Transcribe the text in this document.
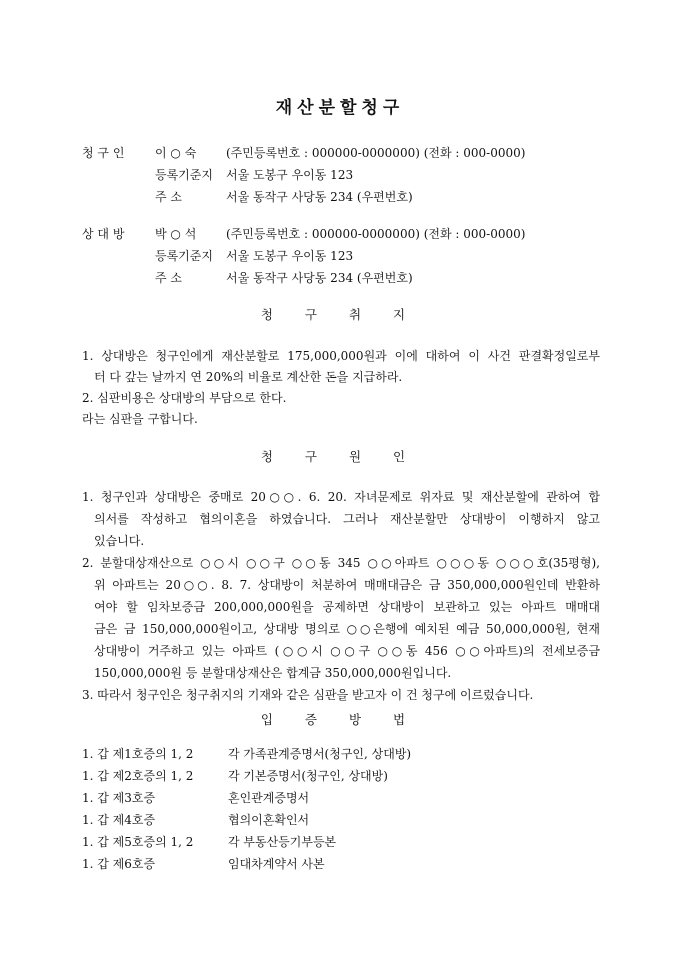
재산분할청구
청 구 인	이 ○ 숙 (주민등록번호 : 000000-0000000) (전화 : 000-0000)
등록기준지 서울 도봉구 우이동 123
주 소	서울 동작구 사당동 234 (우편번호)
상 대 방	박 ○ 석 (주민등록번호 : 000000-0000000) (전화 : 000-0000)
등록기준지 서울 도봉구 우이동 123
주 소	서울 동작구 사당동 234 (우편번호)
청 구 취 지
1. 상대방은 청구인에게 재산분할로 175,000,000원과 이에 대하여 이 사건 판결확정일로부
터 다 갚는 날까지 연 20%의 비율로 계산한 돈을 지급하라.
2. 심판비용은 상대방의 부담으로 한다.
라는 심판을 구합니다.
청 구 원 인
1. 청구인과 상대방은 중매로 20○○. 6. 20. 자녀문제로 위자료 및 재산분할에 관하여 합
의서를 작성하고 협의이혼을 하였습니다. 그러나 재산분할만 상대방이 이행하지 않고
있습니다.
2. 분할대상재산으로 ○○시 ○○구 ○○동 345 ○○아파트 ○○○동 ○○○호(35평형),
위 아파트는 20○○. 8. 7. 상대방이 처분하여 매매대금은 금 350,000,000원인데 반환하
여야 할 임차보증금 200,000,000원을 공제하면 상대방이 보관하고 있는 아파트 매매대
금은 금 150,000,000원이고, 상대방 명의로 ○○은행에 예치된 예금 50,000,000원, 현재
상대방이 거주하고 있는 아파트 (○○시 ○○구 ○○동 456 ○○아파트)의 전세보증금
150,000,000원 등 분할대상재산은 합계금 350,000,000원입니다.
3. 따라서 청구인은 청구취지의 기재와 같은 심판을 받고자 이 건 청구에 이르렀습니다.
입 증 방 법
1. 갑 제1호증의 1, 2	각 가족관계증명서(청구인, 상대방)
1. 갑 제2호증의 1, 2	각 기본증명서(청구인, 상대방)
1. 갑 제3호증	혼인관계증명서
1. 갑 제4호증	협의이혼확인서
1. 갑 제5호증의 1, 2	각 부동산등기부등본
1. 갑 제6호증	임대차계약서 사본
